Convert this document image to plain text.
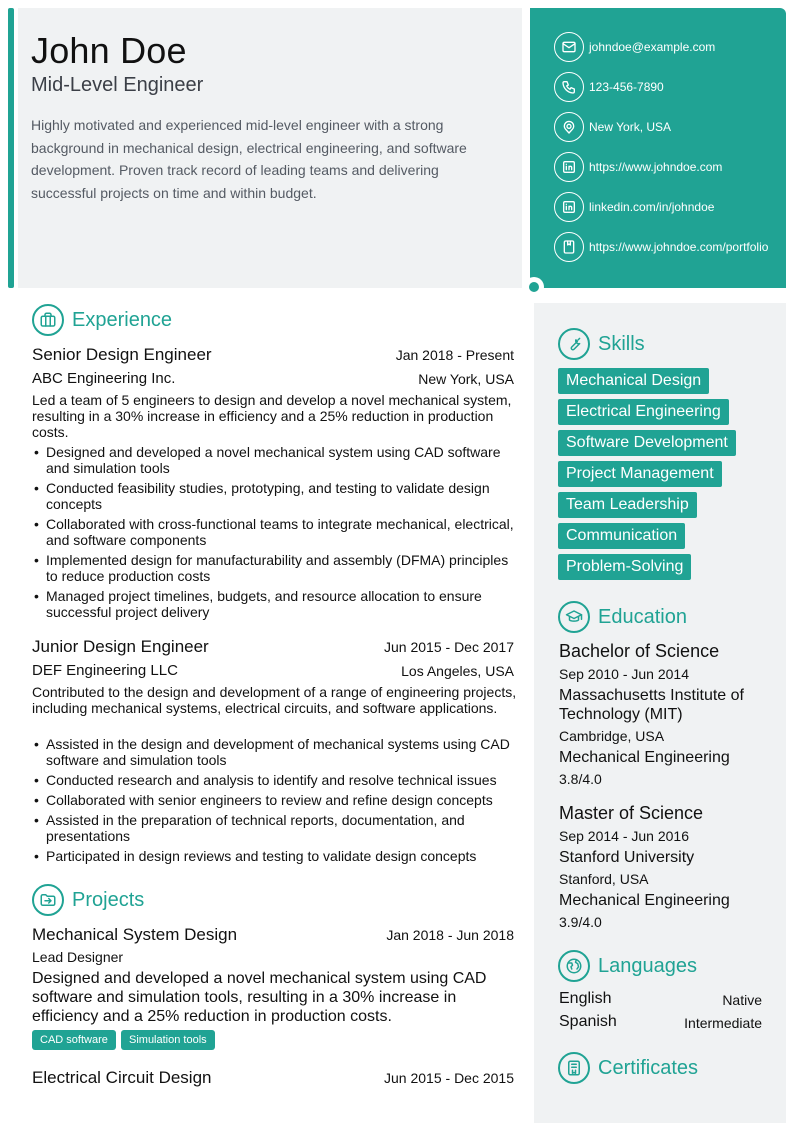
John Doe
Mid-Level Engineer
Highly motivated and experienced mid-level engineer with a strong background in mechanical design, electrical engineering, and software development. Proven track record of leading teams and delivering successful projects on time and within budget.
johndoe@example.com
123-456-7890
New York, USA
https://www.johndoe.com
linkedin.com/in/johndoe
https://www.johndoe.com/portfolio
Experience
Senior Design Engineer	Jan 2018 - Present
ABC Engineering Inc.	New York, USA
Led a team of 5 engineers to design and develop a novel mechanical system, resulting in a 30% increase in efficiency and a 25% reduction in production costs.
• Designed and developed a novel mechanical system using CAD software and simulation tools
• Conducted feasibility studies, prototyping, and testing to validate design concepts
• Collaborated with cross-functional teams to integrate mechanical, electrical, and software components
• Implemented design for manufacturability and assembly (DFMA) principles to reduce production costs
• Managed project timelines, budgets, and resource allocation to ensure successful project delivery
Junior Design Engineer	Jun 2015 - Dec 2017
DEF Engineering LLC	Los Angeles, USA
Contributed to the design and development of a range of engineering projects, including mechanical systems, electrical circuits, and software applications.
• Assisted in the design and development of mechanical systems using CAD software and simulation tools
• Conducted research and analysis to identify and resolve technical issues
• Collaborated with senior engineers to review and refine design concepts
• Assisted in the preparation of technical reports, documentation, and presentations
• Participated in design reviews and testing to validate design concepts
Projects
Mechanical System Design	Jan 2018 - Jun 2018
Lead Designer
Designed and developed a novel mechanical system using CAD software and simulation tools, resulting in a 30% increase in efficiency and a 25% reduction in production costs.
CAD software	Simulation tools
Electrical Circuit Design	Jun 2015 - Dec 2015
Skills
Mechanical Design
Electrical Engineering
Software Development
Project Management
Team Leadership
Communication
Problem-Solving
Education
Bachelor of Science
Sep 2010 - Jun 2014
Massachusetts Institute of Technology (MIT)
Cambridge, USA
Mechanical Engineering
3.8/4.0
Master of Science
Sep 2014 - Jun 2016
Stanford University
Stanford, USA
Mechanical Engineering
3.9/4.0
Languages
English	Native
Spanish	Intermediate
Certificates
